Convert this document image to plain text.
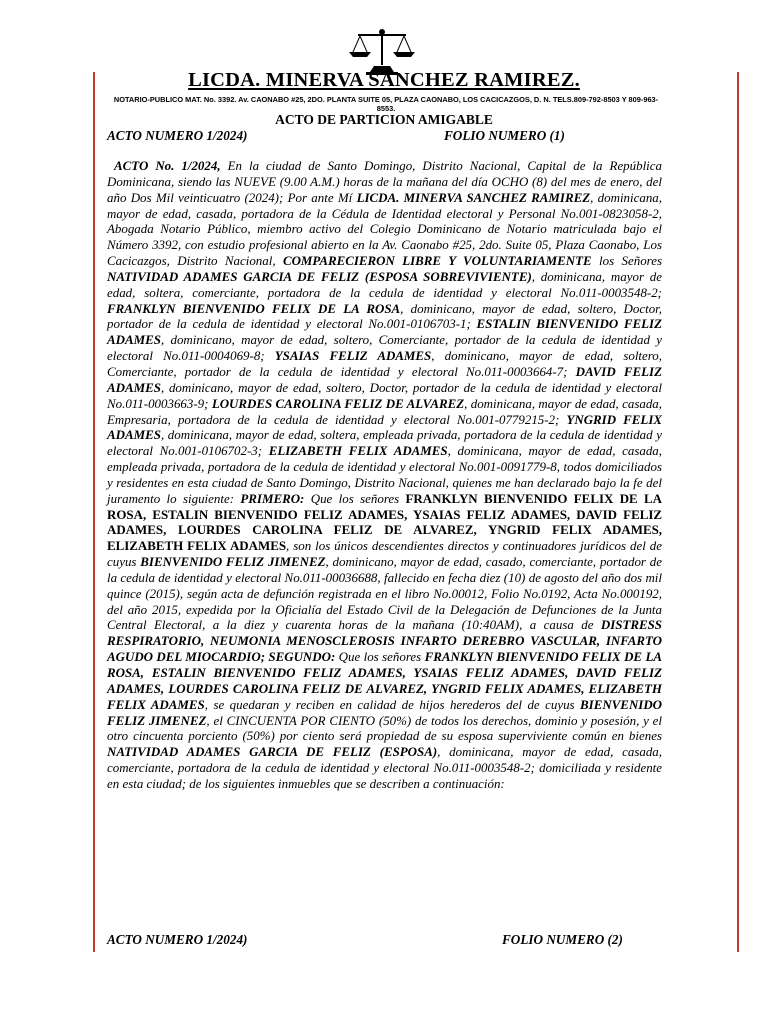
LICDA. MINERVA SANCHEZ RAMIREZ.
NOTARIO-PUBLICO MAT. No. 3392. Av. CAONABO #25, 2DO. PLANTA SUITE 05, PLAZA CAONABO, LOS CACICAZGOS, D. N. TELS.809-792-8503 Y 809-963-8553.
ACTO DE PARTICION AMIGABLE
ACTO NUMERO 1/2024)	FOLIO NUMERO (1)
ACTO No. 1/2024, En la ciudad de Santo Domingo, Distrito Nacional, Capital de la República Dominicana, siendo las NUEVE (9.00 A.M.) horas de la mañana del día OCHO (8) del mes de enero, del año Dos Mil veinticuatro (2024); Por ante Mí LICDA. MINERVA SANCHEZ RAMIREZ, dominicana, mayor de edad, casada, portadora de la Cédula de Identidad electoral y Personal No.001-0823058-2, Abogada Notario Público, miembro activo del Colegio Dominicano de Notario matriculada bajo el Número 3392, con estudio profesional abierto en la Av. Caonabo #25, 2do. Suite 05, Plaza Caonabo, Los Cacicazgos, Distrito Nacional, COMPARECIERON LIBRE Y VOLUNTARIAMENTE los Señores NATIVIDAD ADAMES GARCIA DE FELIZ (ESPOSA SOBREVIVIENTE), dominicana, mayor de edad, soltera, comerciante, portadora de la cedula de identidad y electoral No.011-0003548-2; FRANKLYN BIENVENIDO FELIX DE LA ROSA, dominicano, mayor de edad, soltero, Doctor, portador de la cedula de identidad y electoral No.001-0106703-1; ESTALIN BIENVENIDO FELIZ ADAMES, dominicano, mayor de edad, soltero, Comerciante, portador de la cedula de identidad y electoral No.011-0004069-8; YSAIAS FELIZ ADAMES, dominicano, mayor de edad, soltero, Comerciante, portador de la cedula de identidad y electoral No.011-0003664-7; DAVID FELIZ ADAMES, dominicano, mayor de edad, soltero, Doctor, portador de la cedula de identidad y electoral No.011-0003663-9; LOURDES CAROLINA FELIZ DE ALVAREZ, dominicana, mayor de edad, casada, Empresaria, portadora de la cedula de identidad y electoral No.001-0779215-2; YNGRID FELIX ADAMES, dominicana, mayor de edad, soltera, empleada privada, portadora de la cedula de identidad y electoral No.001-0106702-3; ELIZABETH FELIX ADAMES, dominicana, mayor de edad, casada, empleada privada, portadora de la cedula de identidad y electoral No.001-0091779-8, todos domiciliados y residentes en esta ciudad de Santo Domingo, Distrito Nacional, quienes me han declarado bajo la fe del juramento lo siguiente: PRIMERO: Que los señores FRANKLYN BIENVENIDO FELIX DE LA ROSA, ESTALIN BIENVENIDO FELIZ ADAMES, YSAIAS FELIZ ADAMES, DAVID FELIZ ADAMES, LOURDES CAROLINA FELIZ DE ALVAREZ, YNGRID FELIX ADAMES, ELIZABETH FELIX ADAMES, son los únicos descendientes directos y continuadores jurídicos del de cuyus BIENVENIDO FELIZ JIMENEZ, dominicano, mayor de edad, casado, comerciante, portador de la cedula de identidad y electoral No.011-00036688, fallecido en fecha diez (10) de agosto del año dos mil quince (2015), según acta de defunción registrada en el libro No.00012, Folio No.0192, Acta No.000192, del año 2015, expedida por la Oficialía del Estado Civil de la Delegación de Defunciones de la Junta Central Electoral, a la diez y cuarenta horas de la mañana (10:40AM), a causa de DISTRESS RESPIRATORIO, NEUMONIA MENOSCLEROSIS INFARTO DEREBRO VASCULAR, INFARTO AGUDO DEL MIOCARDIO; SEGUNDO: Que los señores FRANKLYN BIENVENIDO FELIX DE LA ROSA, ESTALIN BIENVENIDO FELIZ ADAMES, YSAIAS FELIZ ADAMES, DAVID FELIZ ADAMES, LOURDES CAROLINA FELIZ DE ALVAREZ, YNGRID FELIX ADAMES, ELIZABETH FELIX ADAMES, se quedaran y reciben en calidad de hijos herederos del de cuyus BIENVENIDO FELIZ JIMENEZ, el CINCUENTA POR CIENTO (50%) de todos los derechos, dominio y posesión, y el otro cincuenta porciento (50%) por ciento será propiedad de su esposa superviviente común en bienes NATIVIDAD ADAMES GARCIA DE FELIZ (ESPOSA), dominicana, mayor de edad, casada, comerciante, portadora de la cedula de identidad y electoral No.011-0003548-2; domiciliada y residente en esta ciudad; de los siguientes inmuebles que se describen a continuación:
ACTO NUMERO 1/2024)	FOLIO NUMERO (2)
